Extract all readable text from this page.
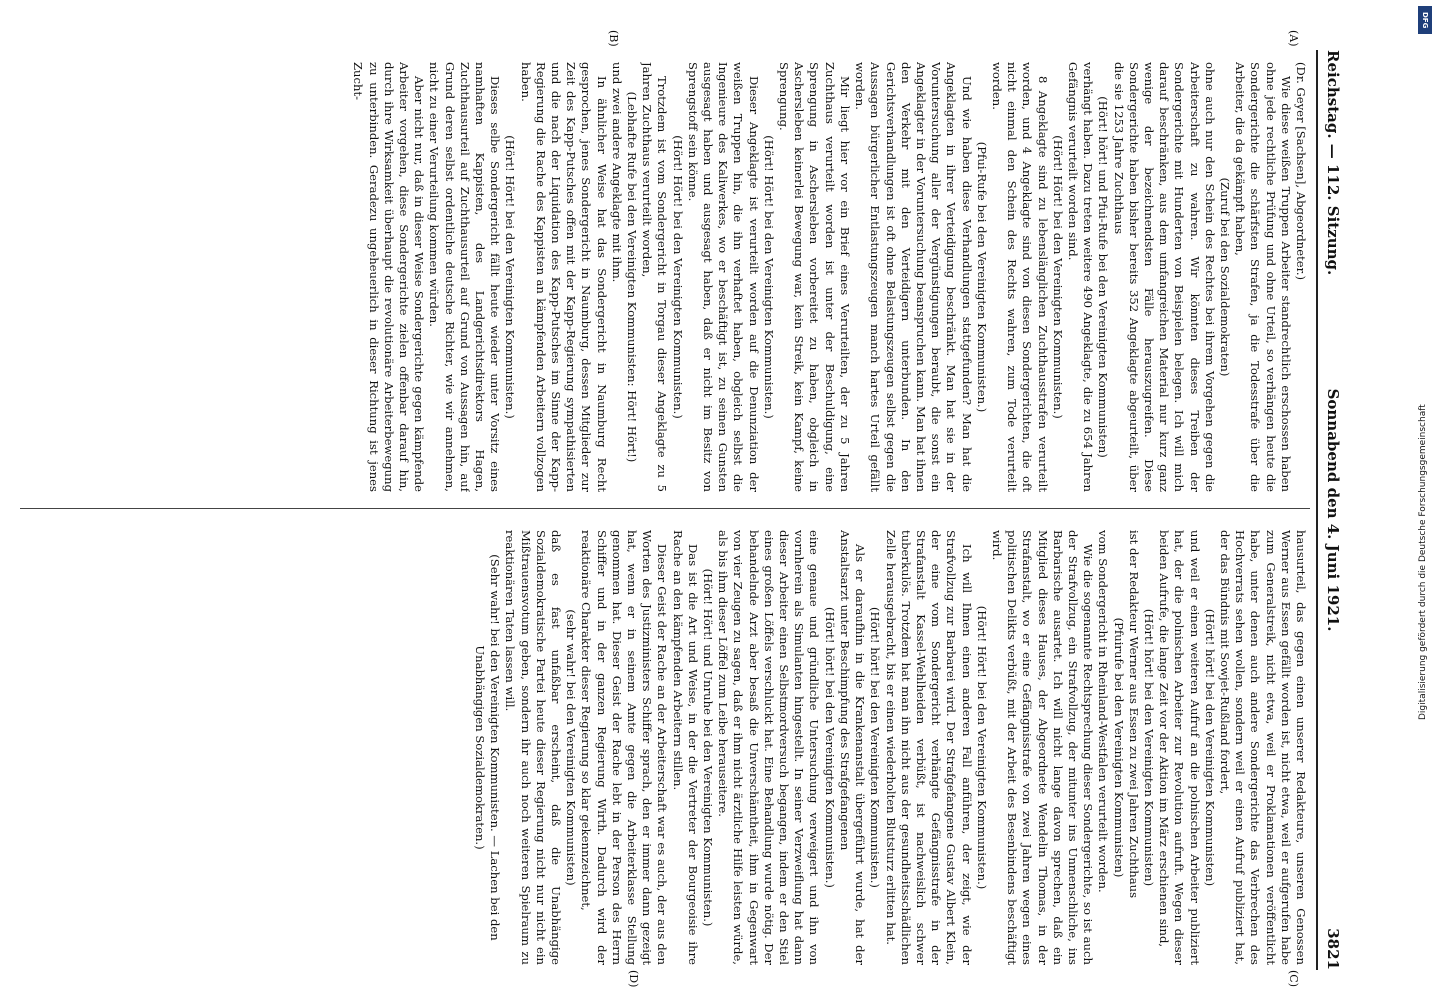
Reichstag. — 112. Sitzung.
Sonnabend den 4. Juni 1921.
3821
(A)
(B)
(C)
(D)

(Dr. Geyer [Sachsen], Abgeordneter.)

Wie diese weißen Truppen Arbeiter standrechtlich erschossen haben ohne jede rechtliche Prüfung und ohne Urteil, so verhängen heute die Sondergerichte die schärfsten Strafen, ja die Todesstrafe über die Arbeiter, die da gekämpft haben,

(Zuruf bei den Sozialdemokraten)

ohne auch nur den Schein des Rechtes bei ihrem Vorgehen gegen die Arbeiterschaft zu wahren. Wir könnten dieses Treiben der Sondergerichte mit Hunderten von Beispielen belegen. Ich will mich darauf beschränken, aus dem umfangreichen Material nur kurz ganz wenige der bezeichnendsten Fälle herauszugreifen. Diese Sondergerichte haben bisher bereits 352 Angeklagte abgeurteilt, über die sie 1253 Jahre Zuchthaus

(Hört! hört! und Pfui-Rufe bei den Vereinigten Kommunisten)

verhängt haben. Dazu treten weitere 490 Angeklagte, die zu 654 Jahren Gefängnis verurteilt worden sind.

(Hört! Hört! bei den Vereinigten Kommunisten.)

8 Angeklagte sind zu lebenslänglichen Zuchthausstrafen verurteilt worden, und 4 Angeklagte sind von diesen Sondergerichten, die oft nicht einmal den Schein des Rechts wahren, zum Tode verurteilt worden.

(Pfui-Rufe bei den Vereinigten Kommunisten.)

Und wie haben diese Verhandlungen stattgefunden? Man hat die Angeklagten in ihrer Verteidigung beschränkt. Man hat sie in der Voruntersuchung aller der Vergünstigungen beraubt, die sonst ein Angeklagter in der Voruntersuchung beanspruchen kann. Man hat ihnen den Verkehr mit den Verteidigern unterbunden. In den Gerichtsverhandlungen ist oft ohne Belastungszeugen selbst gegen die Aussagen bürgerlicher Entlastungszeugen manch hartes Urteil gefällt worden.

Mir liegt hier vor ein Brief eines Verurteilten, der zu 5 Jahren Zuchthaus verurteilt worden ist unter der Beschuldigung, eine Sprengung in Aschersleben vorbereitet zu haben, obgleich in Aschersleben keinerlei Bewegung war, kein Streik, kein Kampf, keine Sprengung.

(Hört! Hört! bei den Vereinigten Kommunisten.)

Dieser Angeklagte ist verurteilt worden auf die Denunziation der weißen Truppen hin, die ihn verhaftet haben, obgleich selbst die Ingenieure des Kaliwerkes, wo er beschäftigt ist, zu seinen Gunsten ausgesagt haben und ausgesagt haben, daß er nicht im Besitz von Sprengstoff sein könne.

(Hört! Hört! bei den Vereinigten Kommunisten.)

Trotzdem ist vom Sondergericht in Torgau dieser Angeklagte zu 5 Jahren Zuchthaus verurteilt worden,

(Lebhafte Rufe bei den Vereinigten Kommunisten: Hört! Hört!)

und zwei andere Angeklagte mit ihm.

In ähnlicher Weise hat das Sondergericht in Naumburg Recht gesprochen, jenes Sondergericht in Naumburg, dessen Mitglieder zur Zeit des Kapp-Putsches offen mit der Kapp-Regierung sympathisierten und die nach der Liquidation des Kapp-Putsches im Sinne der Kapp-Regierung die Rache des Kappisten an kämpfenden Arbeitern vollzogen haben.

(Hört! Hört! bei den Vereinigten Kommunisten.)

Dieses selbe Sondergericht fällt heute wieder unter Vorsitz eines namhaften Kappisten, des Landgerichtsdirektors Hagen, Zuchthausurteil auf Zuchthausurteil auf Grund von Aussagen hin, auf Grund deren selbst ordentliche deutsche Richter, wie wir annehmen, nicht zu einer Verurteilung kommen würden.

Aber nicht nur, daß in dieser Weise Sondergerichte gegen kämpfende Arbeiter vorgehen, diese Sondergerichte zielen offenbar darauf hin, durch ihre Wirksamkeit überhaupt die revolutionäre Arbeiterbewegung zu unterbinden. Geradezu ungeheuerlich in dieser Richtung ist jenes Zucht-

hausurteil, das gegen einen unserer Redakteure, unseren Genossen Werner aus Essen gefällt worden ist, nicht etwa, weil er aufgerufen habe zum Generalstreik, nicht etwa, weil er Proklamationen veröffentlicht habe, unter denen auch andere Sondergerichte das Verbrechen des Hochverrats sehen wollen, sondern weil er einen Aufruf publiziert hat, der das Bündnis mit Sowjet-Rußland fordert,

(Hört! hört! bei den Vereinigten Kommunisten)

und weil er einen weiteren Aufruf an die polnischen Arbeiter publiziert hat, der die polnischen Arbeiter zur Revolution aufruft. Wegen dieser beiden Aufrufe, die lange Zeit vor der Aktion im März erschienen sind,

(Hört! hört! bei den Vereinigten Kommunisten)

ist der Redakteur Werner aus Essen zu zwei Jahren Zuchthaus

(Pfuirufe bei den Vereinigten Kommunisten)

vom Sondergericht in Rheinland-Westfalen verurteilt worden.

Wie die sogenannte Rechtsprechung dieser Sondergerichte, so ist auch der Strafvollzug, ein Strafvollzug, der mitunter ins Unmenschliche, ins Barbarische ausartet. Ich will nicht lange davon sprechen, daß ein Mitglied dieses Hauses, der Abgeordnete Wendelin Thomas, in der Strafanstalt, wo er eine Gefängnisstrafe von zwei Jahren wegen eines politischen Delikts verbüßt, mit der Arbeit des Besenbindens beschäftigt wird.

(Hört! Hört! bei den Vereinigten Kommunisten.)

Ich will Ihnen einen anderen Fall anführen, der zeigt, wie der Strafvollzug zur Barbarei wird. Der Strafgefangene Gustav Albert Klein, der eine vom Sondergericht verhängte Gefängnisstrafe in der Strafanstalt Kassel-Wehlheiden verbüßt, ist nachweislich schwer tuberkulös. Trotzdem hat man ihn nicht aus der gesundheitsschädlichen Zelle herausgebracht, bis er einen wiederholten Blutsturz erlitten hat.

(Hört! hört! bei den Vereinigten Kommunisten.)

Als er daraufhin in die Krankenanstalt übergeführt wurde, hat der Anstaltsarzt unter Beschimpfung des Strafgefangenen

(Hört! hört! bei den Vereinigten Kommunisten.)

eine genaue und gründliche Untersuchung verweigert und ihn von vornherein als Simulanten hingestellt. In seiner Verzweiflung hat dann dieser Arbeiter einen Selbstmordversuch begangen, indem er den Stiel eines großen Löffels verschluckt hat. Eine Behandlung wurde nötig. Der behandelnde Arzt aber besaß die Unverschämtheit, ihm in Gegenwart von vier Zeugen zu sagen, daß er ihm nicht ärztliche Hilfe leisten würde, als bis ihm dieser Löffel zum Leibe herauseitere.

(Hört! Hört! und Unruhe bei den Vereinigten Kommunisten.)

Das ist die Art und Weise, in der die Vertreter der Bourgeoisie ihre Rache an den kämpfenden Arbeitern stillen.

Dieser Geist der Rache an der Arbeiterschaft war es auch, der aus den Worten des Justizministers Schiffer sprach, den er immer dann gezeigt hat, wenn er in seinem Amte gegen die Arbeiterklasse Stellung genommen hat. Dieser Geist der Rache lebt in der Person des Herrn Schiffer und in der ganzen Regierung Wirth. Dadurch wird der reaktionäre Charakter dieser Regierung so klar gekennzeichnet,

(sehr wahr! bei den Vereinigten Kommunisten)

daß es fast unfaßbar erscheint, daß die Unabhängige Sozialdemokratische Partei heute dieser Regierung nicht nur nicht ein Mißtrauensvotum geben, sondern ihr auch noch weiteren Spielraum zu reaktionären Taten lassen will.

(Sehr wahr! bei den Vereinigten Kommunisten. — Lachen bei den Unabhängigen Sozialdemokraten.)

DFG
Digitalisierung gefördert durch die Deutsche Forschungsgemeinschaft
